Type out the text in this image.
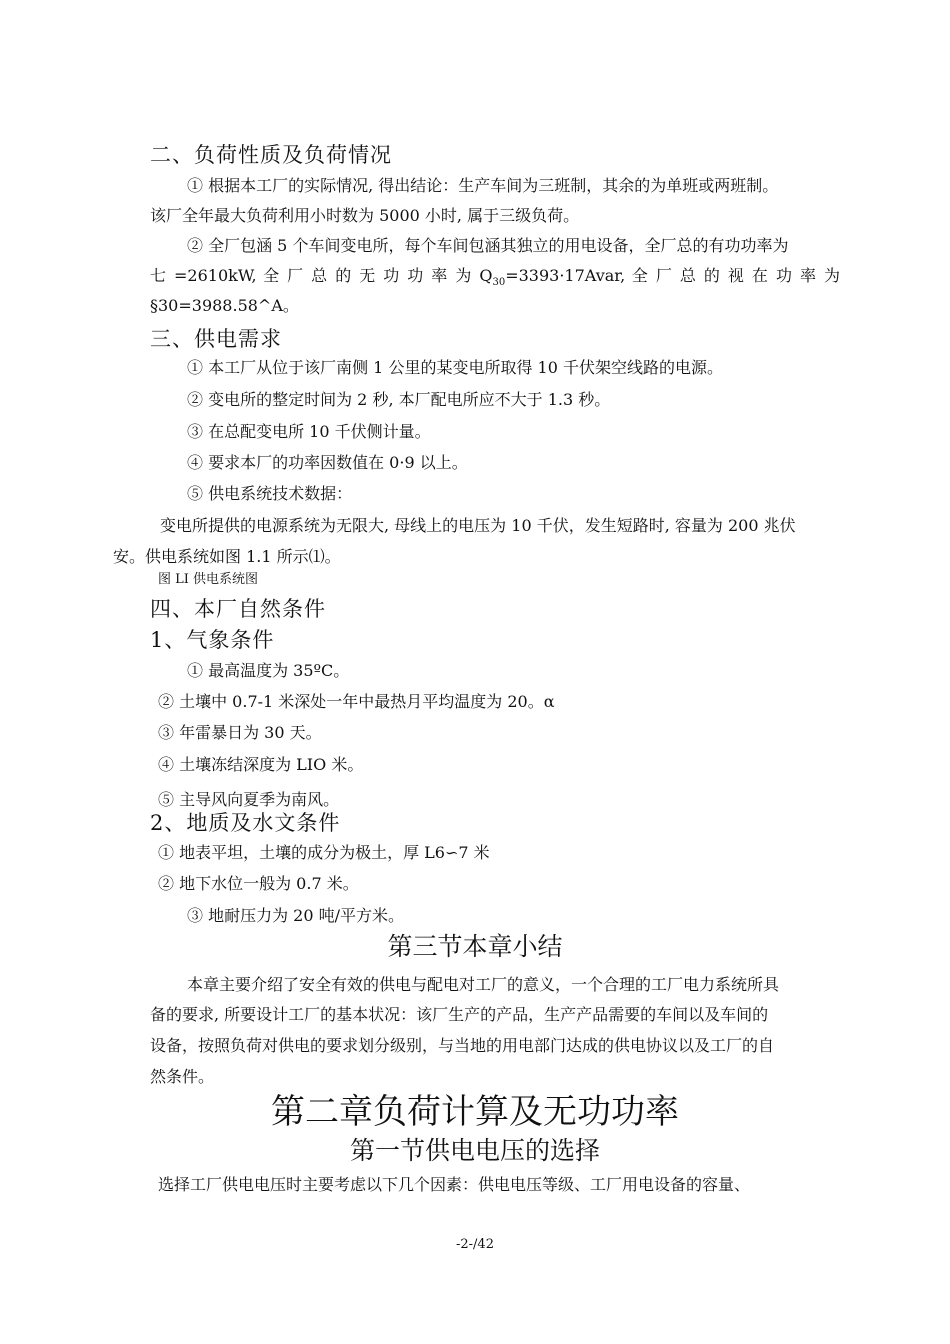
二、负荷性质及负荷情况
① 根据本工厂的实际情况, 得出结论：生产车间为三班制，其余的为单班或两班制。
该厂全年最大负荷利用小时数为 5000 小时, 属于三级负荷。
② 全厂包涵 5 个车间变电所，每个车间包涵其独立的用电设备，全厂总的有功功率为
七 =2610kW, 全 厂 总 的 无 功 功 率 为 $Q_{30}=3393\cdot 17Avar$, 全 厂 总 的 视 在 功 率 为
§30=3988.58^A。
三、供电需求
① 本工厂从位于该厂南侧 1 公里的某变电所取得 10 千伏架空线路的电源。
② 变电所的整定时间为 2 秒, 本厂配电所应不大于 1.3 秒。
③ 在总配变电所 10 千伏侧计量。
④ 要求本厂的功率因数值在 0·9 以上。
⑤ 供电系统技术数据：
变电所提供的电源系统为无限大, 母线上的电压为 10 千伏，发生短路时, 容量为 200 兆伏
安。供电系统如图 1.1 所示⑴。
图 LI 供电系统图
四、本厂自然条件
1、气象条件
① 最高温度为 35ºC。
② 土壤中 0.7-1 米深处一年中最热月平均温度为 20。α
③ 年雷暴日为 30 天。
④ 土壤冻结深度为 LIO 米。
⑤ 主导风向夏季为南风。
2、地质及水文条件
① 地表平坦，土壤的成分为极土，厚 L6∽7 米
② 地下水位一般为 0.7 米。
③ 地耐压力为 20 吨/平方米。
第三节本章小结
本章主要介绍了安全有效的供电与配电对工厂的意义，一个合理的工厂电力系统所具
备的要求, 所要设计工厂的基本状况：该厂生产的产品，生产产品需要的车间以及车间的
设备，按照负荷对供电的要求划分级别，与当地的用电部门达成的供电协议以及工厂的自
然条件。
第二章负荷计算及无功功率
第一节供电电压的选择
选择工厂供电电压时主要考虑以下几个因素：供电电压等级、工厂用电设备的容量、
-2-/42
